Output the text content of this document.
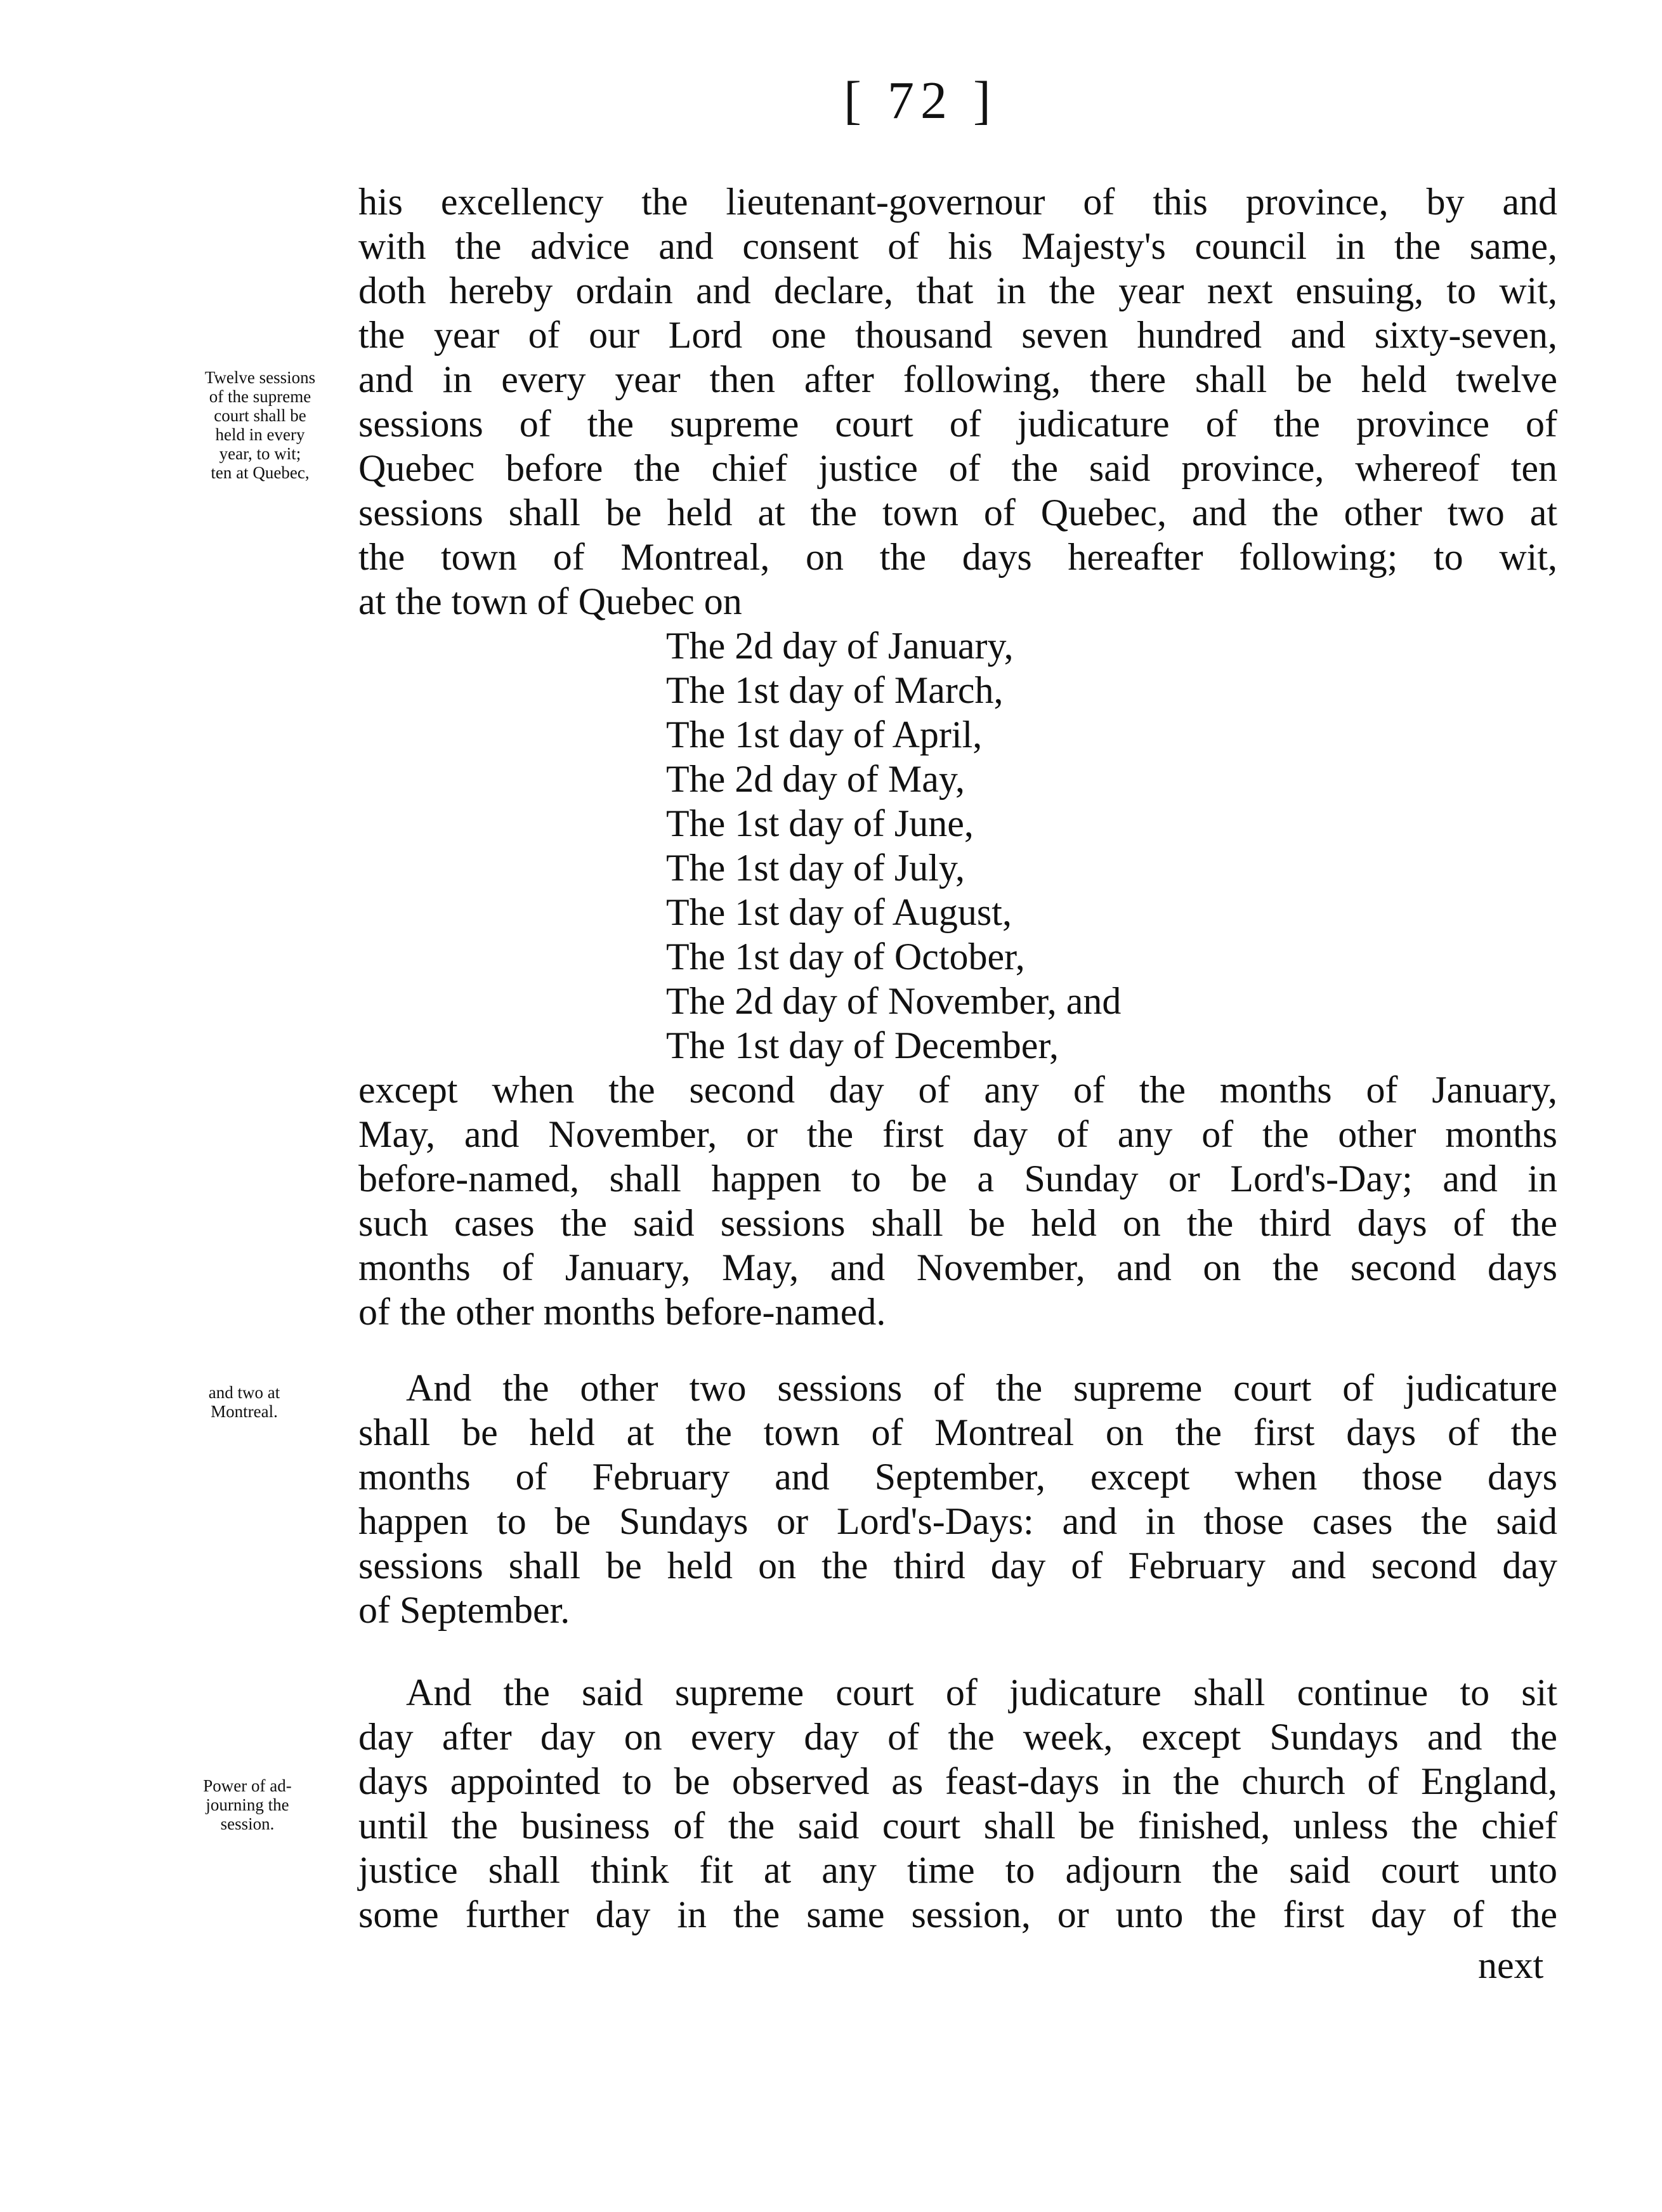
[ 72 ]
Twelve sessions
of the supreme
court shall be
held in every
year, to wit;
ten at Quebec,
and two at
Montreal.
Power of ad-
journing the
session.
his excellency the lieutenant-governour of this province, by and
with the advice and consent of his Majesty's council in the same,
doth hereby ordain and declare, that in the year next ensuing, to wit,
the year of our Lord one thousand seven hundred and sixty-seven,
and in every year then after following, there shall be held twelve
sessions of the supreme court of judicature of the province of
Quebec before the chief justice of the said province, whereof ten
sessions shall be held at the town of Quebec, and the other two at
the town of Montreal, on the days hereafter following; to wit,
at the town of Quebec on
The 2d day of January,
The 1st day of March,
The 1st day of April,
The 2d day of May,
The 1st day of June,
The 1st day of July,
The 1st day of August,
The 1st day of October,
The 2d day of November, and
The 1st day of December,
except when the second day of any of the months of January,
May, and November, or the first day of any of the other months
before-named, shall happen to be a Sunday or Lord's-Day; and in
such cases the said sessions shall be held on the third days of the
months of January, May, and November, and on the second days
of the other months before-named.
And the other two sessions of the supreme court of judicature
shall be held at the town of Montreal on the first days of the
months of February and September, except when those days
happen to be Sundays or Lord's-Days: and in those cases the said
sessions shall be held on the third day of February and second day
of September.
And the said supreme court of judicature shall continue to sit
day after day on every day of the week, except Sundays and the
days appointed to be observed as feast-days in the church of England,
until the business of the said court shall be finished, unless the chief
justice shall think fit at any time to adjourn the said court unto
some further day in the same session, or unto the first day of the
next
